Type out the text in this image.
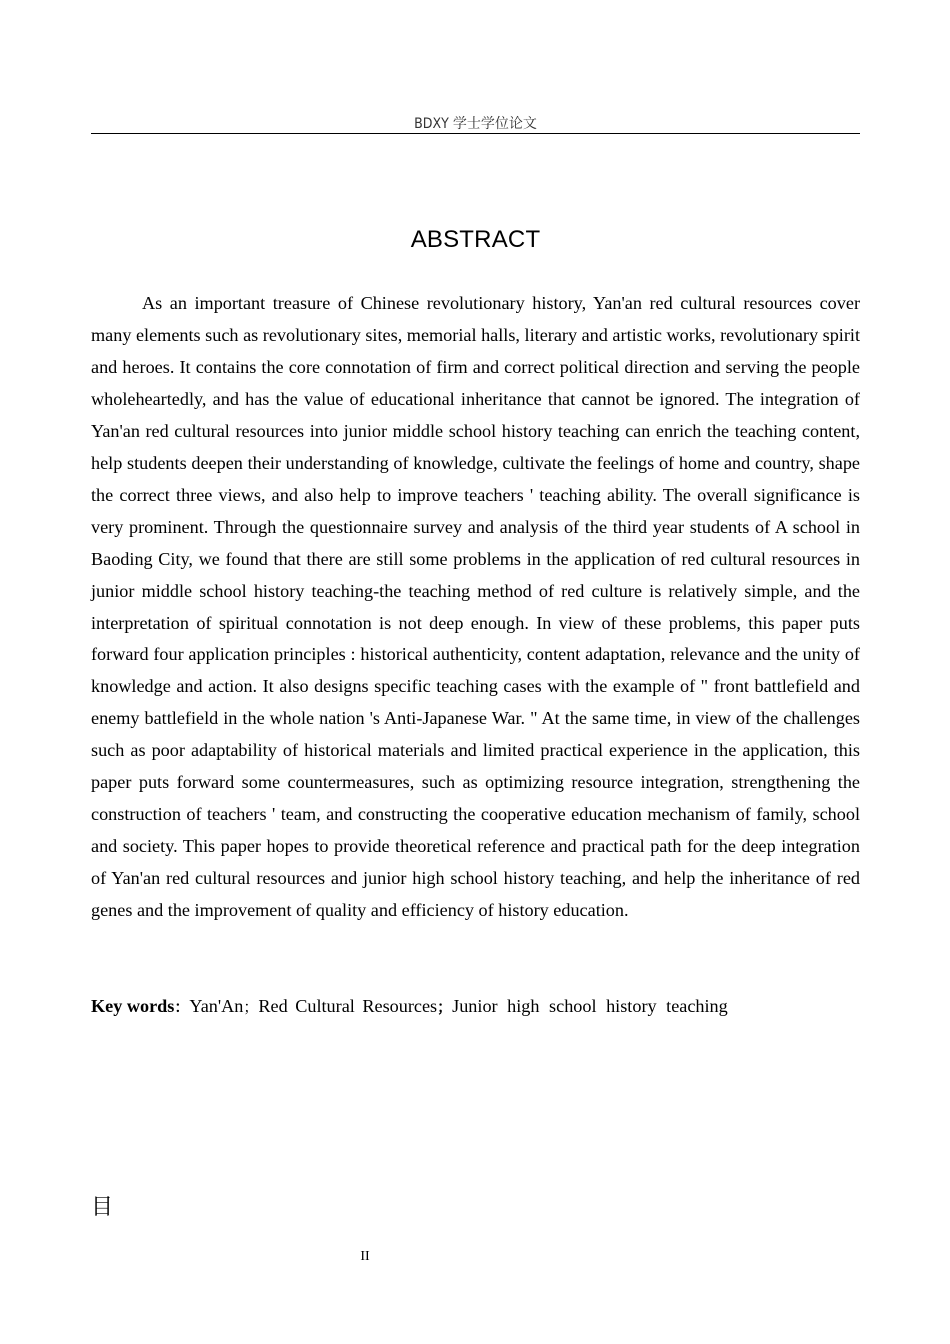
BDXY 学士学位论文
ABSTRACT

As an important treasure of Chinese revolutionary history, Yan'an red cultural resources cover many elements such as revolutionary sites, memorial halls, literary and artistic works, revolutionary spirit and heroes. It contains the core connotation of firm and correct political direction and serving the people wholeheartedly, and has the value of educational inheritance that cannot be ignored. The integration of Yan'an red cultural resources into junior middle school history teaching can enrich the teaching content, help students deepen their understanding of knowledge, cultivate the feelings of home and country, shape the correct three views, and also help to improve teachers ' teaching ability. The overall significance is very prominent. Through the questionnaire survey and analysis of the third year students of A school in Baoding City, we found that there are still some problems in the application of red cultural resources in junior middle school history teaching-the teaching method of red culture is relatively simple, and the interpretation of spiritual connotation is not deep enough. In view of these problems, this paper puts forward four application principles : historical authenticity, content adaptation, relevance and the unity of knowledge and action. It also designs specific teaching cases with the example of " front battlefield and enemy battlefield in the whole nation 's Anti-Japanese War. " At the same time, in view of the challenges such as poor adaptability of historical materials and limited practical experience in the application, this paper puts forward some countermeasures, such as optimizing resource integration, strengthening the construction of teachers ' team, and constructing the cooperative education mechanism of family, school and society. This paper hopes to provide theoretical reference and practical path for the deep integration of Yan'an red cultural resources and junior high school history teaching, and help the inheritance of red genes and the improvement of quality and efficiency of history education.

Key words：Yan'An；Red Cultural Resources；Junior high school history teaching

目
II
